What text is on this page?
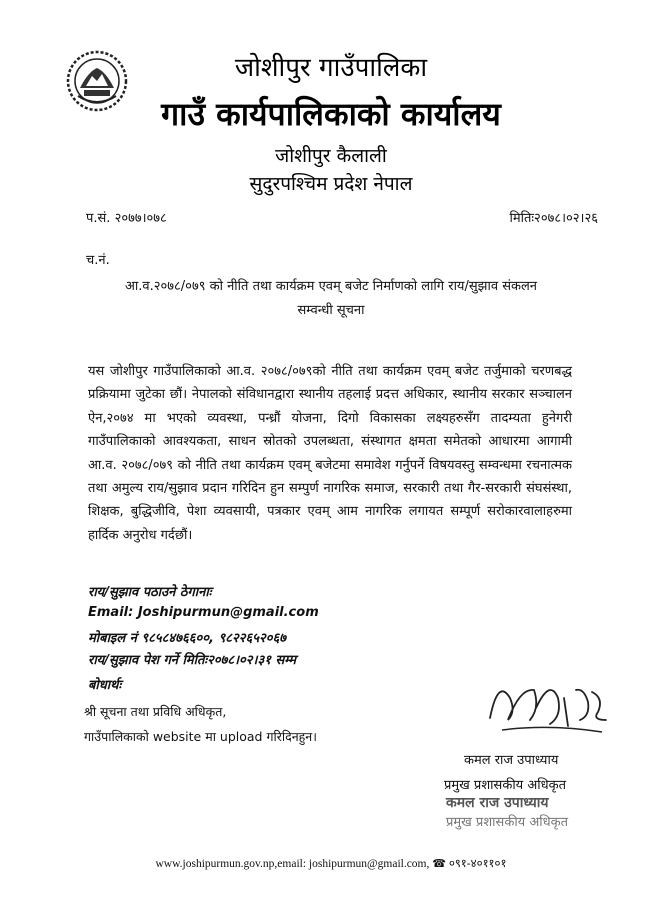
जोशीपुर गाउँपालिका
गाउँ कार्यपालिकाको कार्यालय
जोशीपुर कैलाली
सुदुरपश्चिम प्रदेश नेपाल
प.सं. २०७७।०७८	मितिः२०७८।०२।२६
च.नं.
आ.व.२०७८/०७९ को नीति तथा कार्यक्रम एवम् बजेट निर्माणको लागि राय/सुझाव संकलन
सम्वन्धी सूचना
यस जोशीपुर गाउँपालिकाको आ.व. २०७८/०७९को नीति तथा कार्यक्रम एवम् बजेट तर्जुमाको चरणबद्ध प्रक्रियामा जुटेका छौं। नेपालको संविधानद्वारा स्थानीय तहलाई प्रदत्त अधिकार, स्थानीय सरकार सञ्चालन ऐन,२०७४ मा भएको व्यवस्था, पन्ध्रौं योजना, दिगो विकासका लक्ष्यहरुसँग तादम्यता हुनेगरी गाउँपालिकाको आवश्यकता, साधन स्रोतको उपलब्धता, संस्थागत क्षमता समेतको आधारमा आगामी आ.व. २०७८/०७९ को नीति तथा कार्यक्रम एवम् बजेटमा समावेश गर्नुपर्ने विषयवस्तु सम्वन्धमा रचनात्मक तथा अमुल्य राय/सुझाव प्रदान गरिदिन हुन सम्पुर्ण नागरिक समाज, सरकारी तथा गैर-सरकारी संघसंस्था, शिक्षक, बुद्धिजीवि, पेशा व्यवसायी, पत्रकार एवम् आम नागरिक लगायत सम्पूर्ण सरोकारवालाहरुमा हार्दिक अनुरोध गर्दछौं।
राय/सुझाव पठाउने ठेगानाः
Email: Joshipurmun@gmail.com
मोबाइल नं ९८५८४७६६००, ९८२२६५२०६७
राय/सुझाव पेश गर्ने मितिः२०७८।०२।३१ सम्म
बोधार्थः
श्री सूचना तथा प्रविधि अधिकृत,
गाउँपालिकाको website मा upload गरिदिनहुन।
कमल राज उपाध्याय
प्रमुख प्रशासकीय अधिकृत
कमल राज उपाध्याय
प्रमुख प्रशासकीय अधिकृत
www.joshipurmun.gov.np,email: joshipurmun@gmail.com, ☎ ०९१-४०११०१
